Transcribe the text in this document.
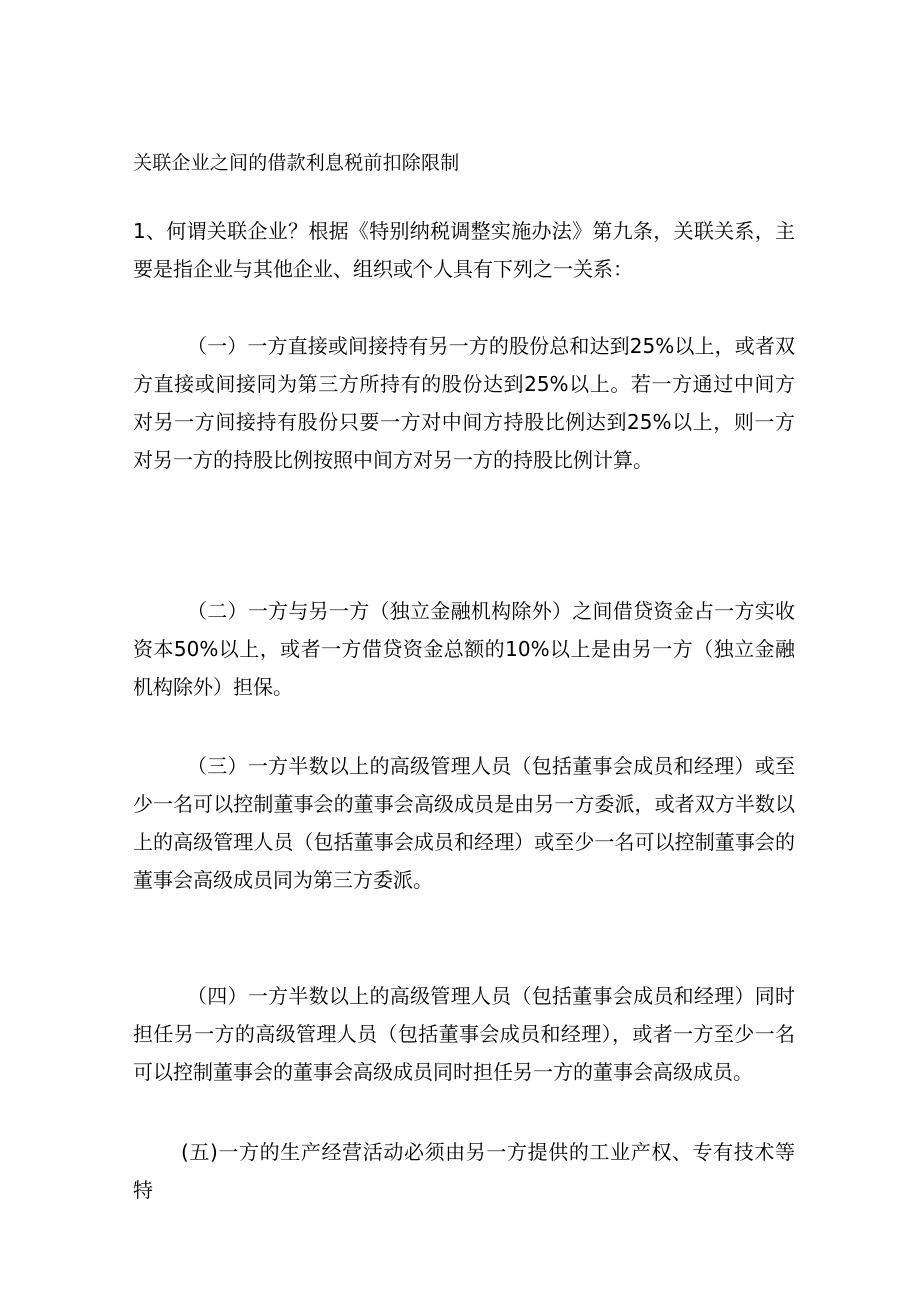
关联企业之间的借款利息税前扣除限制
1、何谓关联企业？根据《特别纳税调整实施办法》第九条，关联关系，主要是指企业与其他企业、组织或个人具有下列之一关系：
（一）一方直接或间接持有另一方的股份总和达到25%以上，或者双方直接或间接同为第三方所持有的股份达到25%以上。若一方通过中间方对另一方间接持有股份只要一方对中间方持股比例达到25%以上，则一方对另一方的持股比例按照中间方对另一方的持股比例计算。
（二）一方与另一方（独立金融机构除外）之间借贷资金占一方实收资本50%以上，或者一方借贷资金总额的10%以上是由另一方（独立金融机构除外）担保。
（三）一方半数以上的高级管理人员（包括董事会成员和经理）或至少一名可以控制董事会的董事会高级成员是由另一方委派，或者双方半数以上的高级管理人员（包括董事会成员和经理）或至少一名可以控制董事会的董事会高级成员同为第三方委派。
（四）一方半数以上的高级管理人员（包括董事会成员和经理）同时担任另一方的高级管理人员（包括董事会成员和经理），或者一方至少一名可以控制董事会的董事会高级成员同时担任另一方的董事会高级成员。
(五)一方的生产经营活动必须由另一方提供的工业产权、专有技术等特
